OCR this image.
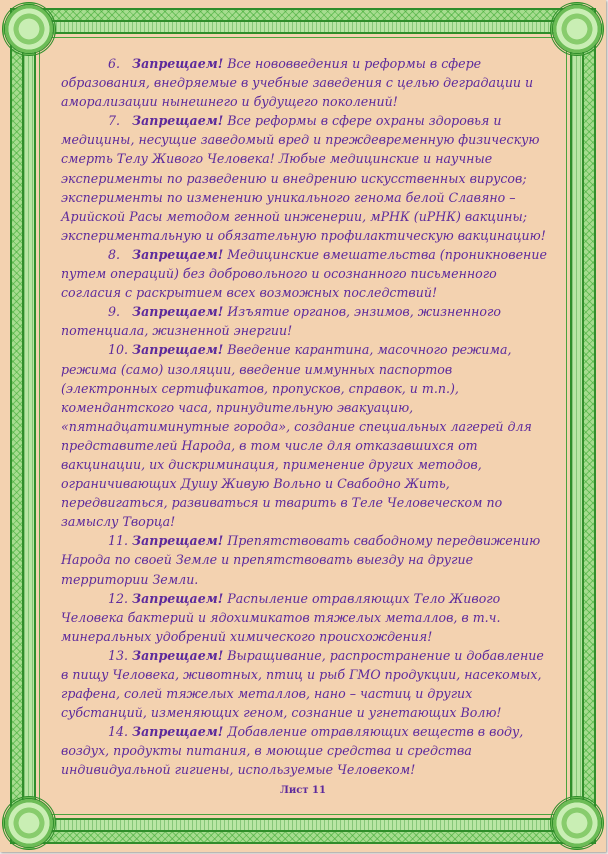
6. Запрещаем! Все нововведения и реформы в сфере образования, внедряемые в учебные заведения с целью деградации и аморализации нынешнего и будущего поколений!

7. Запрещаем! Все реформы в сфере охраны здоровья и медицины, несущие заведомый вред и преждевременную физическую смерть Телу Живого Человека! Любые медицинские и научные эксперименты по разведению и внедрению искусственных вирусов; эксперименты по изменению уникального генома белой Славяно – Арийской Расы методом генной инженерии, мРНК (иРНК) вакцины; экспериментальную и обязательную профилактическую вакцинацию!

8. Запрещаем! Медицинские вмешательства (проникновение путем операций) без добровольного и осознанного письменного согласия с раскрытием всех возможных последствий!

9. Запрещаем! Изъятие органов, энзимов, жизненного потенциала, жизненной энергии!

10. Запрещаем! Введение карантина, масочного режима, режима (само) изоляции, введение иммунных паспортов (электронных сертификатов, пропусков, справок, и т.п.), комендантского часа, принудительную эвакуацию, «пятнадцатиминутные города», создание специальных лагерей для представителей Народа, в том числе для отказавшихся от вакцинации, их дискриминация, применение других методов, ограничивающих Душу Живую Вольно и Свабодно Жить, передвигаться, развиваться и тварить в Теле Человеческом по замыслу Творца!

11. Запрещаем! Препятствовать свабодному передвижению Народа по своей Земле и препятствовать выезду на другие территории Земли.

12. Запрещаем! Распыление отравляющих Тело Живого Человека бактерий и ядохимикатов тяжелых металлов, в т.ч. минеральных удобрений химического происхождения!

13. Запрещаем! Выращивание, распространение и добавление в пищу Человека, животных, птиц и рыб ГМО продукции, насекомых, графена, солей тяжелых металлов, нано – частиц и других субстанций, изменяющих геном, сознание и угнетающих Волю!

14. Запрещаем! Добавление отравляющих веществ в воду, воздух, продукты питания, в моющие средства и средства индивидуальной гигиены, используемые Человеком!

Лист 11
